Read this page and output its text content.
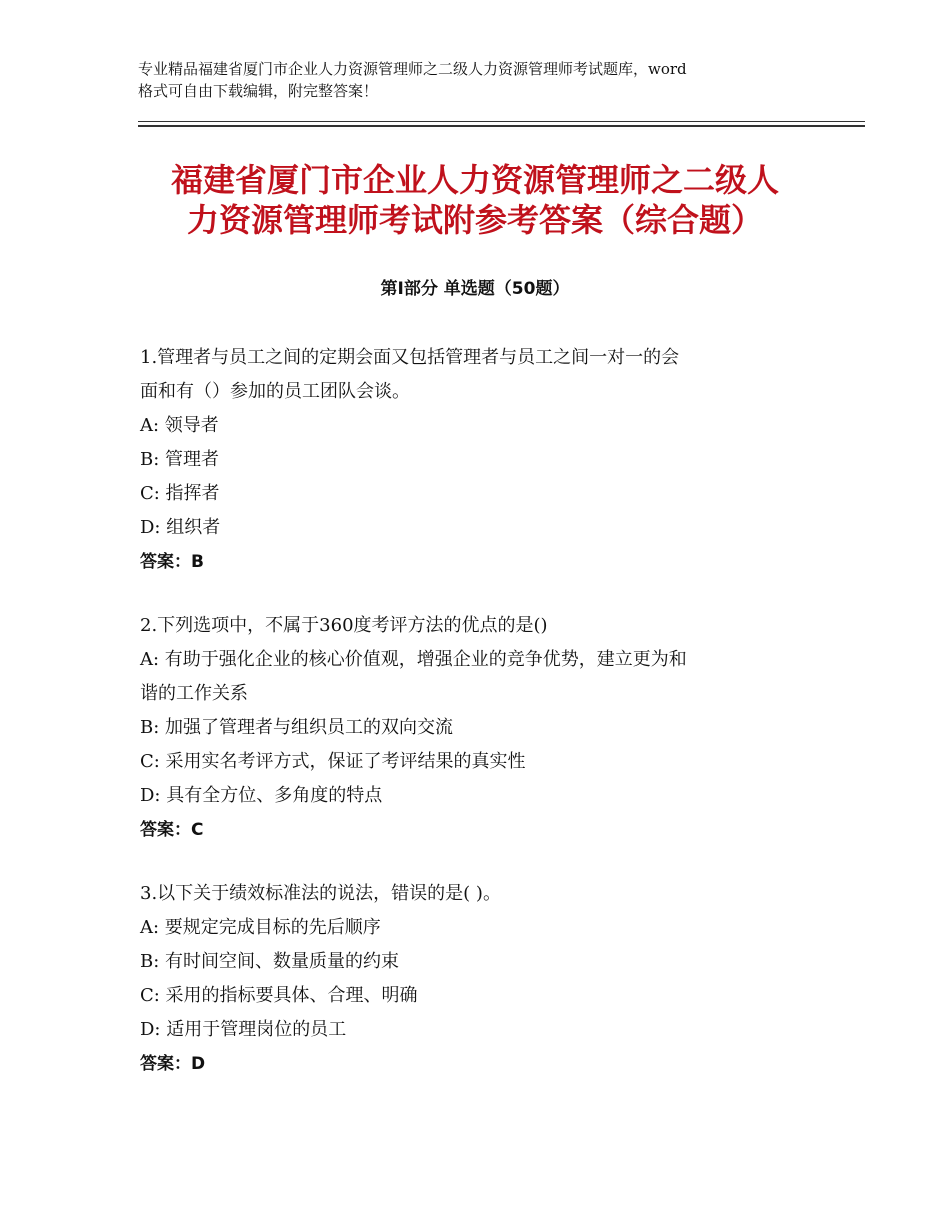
专业精品福建省厦门市企业人力资源管理师之二级人力资源管理师考试题库，word
格式可自由下载编辑，附完整答案！
福建省厦门市企业人力资源管理师之二级人
力资源管理师考试附参考答案（综合题）
第Ⅰ部分 单选题（50题）
1.管理者与员工之间的定期会面又包括管理者与员工之间一对一的会
面和有（）参加的员工团队会谈。
A: 领导者
B: 管理者
C: 指挥者
D: 组织者
答案：B
2.下列选项中，不属于360度考评方法的优点的是()
A: 有助于强化企业的核心价值观，增强企业的竞争优势，建立更为和
谐的工作关系
B: 加强了管理者与组织员工的双向交流
C: 采用实名考评方式，保证了考评结果的真实性
D: 具有全方位、多角度的特点
答案：C
3.以下关于绩效标准法的说法，错误的是( )。
A: 要规定完成目标的先后顺序
B: 有时间空间、数量质量的约束
C: 采用的指标要具体、合理、明确
D: 适用于管理岗位的员工
答案：D
